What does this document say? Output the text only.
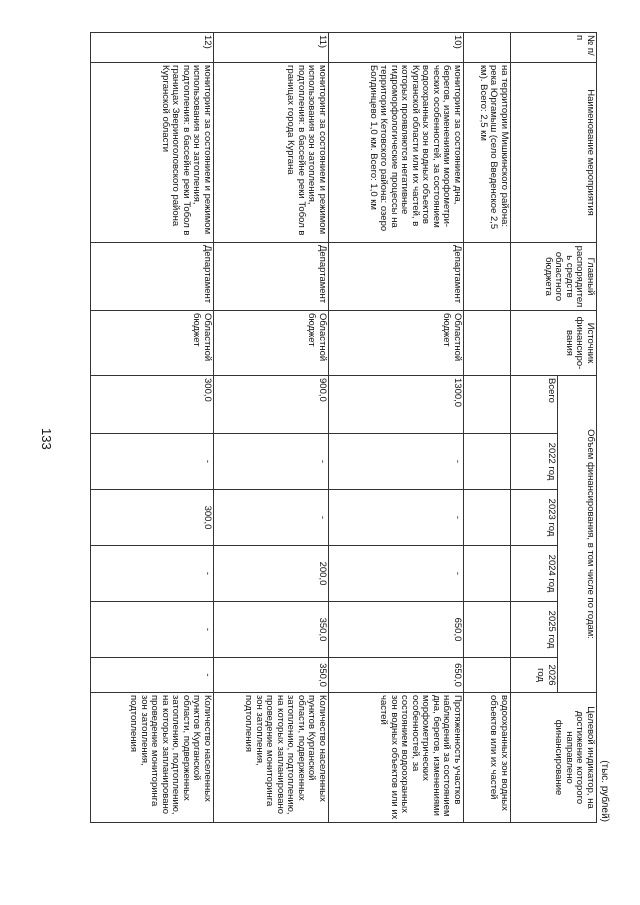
133
(тыс. рублей)
№ п/п	Наименование мероприятия	Главный распорядитель средств областного бюджета	Источник финансиро-вания	Объем финансирования, в том числе по годам:						Целевой индикатор, на достижение которого направлено финансирование
				Всего	2022 год	2023 год	2024 год	2025 год	2026 год	
	на территории Мишкинского района: река Юргамыш (село Введенское 2,5 км). Всего: 2,5 км									водоохранных зон водных объектов или их частей
10)	мониторинг за состоянием дна, берегов, изменениями морфометри-ческих особенностей, за состоянием водоохранных зон водных объектов Курганской области или их частей, в которых проявляются негативные гидроморфологические процессы на территории Кетовского района: озеро Болдинцево 1,0 км. Всего: 1,0 км	Департамент	Областной бюджет	1300,0	-	-	-	650,0	650,0	Протяженность участков наблюдений за состоянием дна, берегов, изменениями морфометрических особенностей, за состоянием водоохранных зон водных объектов или их частей
11)	мониторинг за состоянием и режимом использования зон затопления, подтопления: в бассейне реки Тобол в границах города Кургана	Департамент	Областной бюджет	900,0	-	-	200,0	350,0	350,0	Количество населенных пунктов Курганской области, подверженных затоплению, подтоплению, на которых запланировано проведение мониторинга зон затопления, подтопления
12)	мониторинг за состоянием и режимом использования зон затопления, подтопления: в бассейне реки Тобол в границах Звериноголовского района Курганской области	Департамент	Областной бюджет	300,0	-	300,0	-	-	-	Количество населенных пунктов Курганской области, подверженных затоплению, подтоплению, на которых запланировано проведение мониторинга зон затопления, подтопления
